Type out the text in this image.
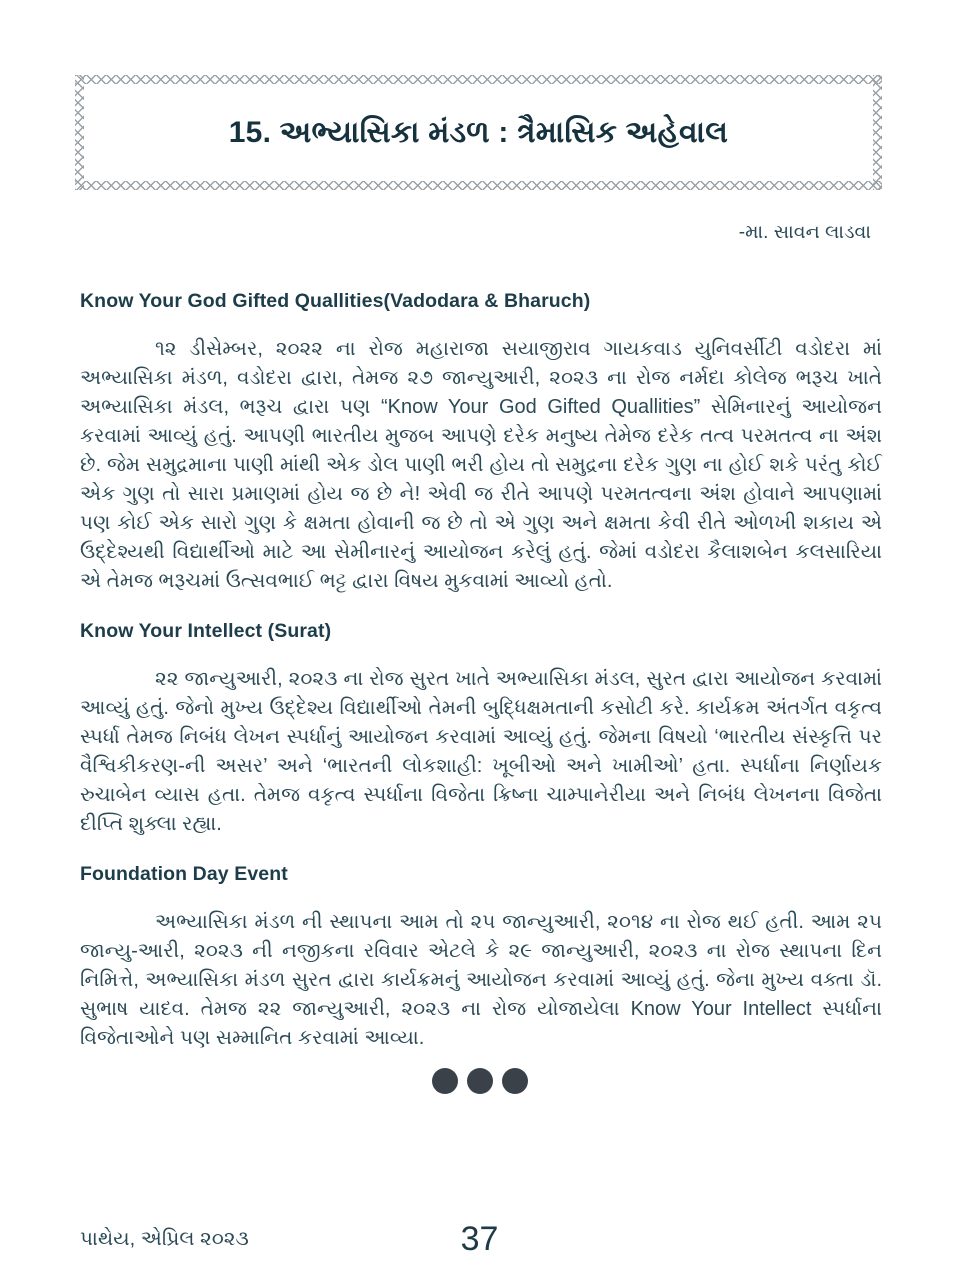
15. અભ્યાસિકા મંડળ : ત્રૈમાસિક અહેવાલ
-મા. સાવન લાડવા
Know Your God Gifted Quallities(Vadodara & Bharuch)

૧૨ ડીસેમ્બર, ૨૦૨૨ ના રોજ મહારાજા સયાજીરાવ ગાયકવાડ યુનિવર્સીટી વડોદરા માં અભ્યાસિકા મંડળ, વડોદરા દ્વારા, તેમજ ૨૭ જાન્યુઆરી, ૨૦૨૩ ના રોજ નર્મદા કોલેજ ભરૂચ ખાતે અભ્યાસિકા મંડલ, ભરૂચ દ્વારા પણ “Know Your God Gifted Quallities” સેમિનારનું આયોજન કરવામાં આવ્યું હતું. આપણી ભારતીય મુજબ આપણે દરેક મનુષ્ય તેમેજ દરેક તત્વ પરમતત્વ ના અંશ છે. જેમ સમુદ્રમાના પાણી માંથી એક ડોલ પાણી ભરી હોય તો સમુદ્રના દરેક ગુણ ના હોઈ શકે પરંતુ કોઈ એક ગુણ તો સારા પ્રમાણમાં હોય જ છે ને! એવી જ રીતે આપણે પરમતત્વના અંશ હોવાને આપણામાં પણ કોઈ એક સારો ગુણ કે ક્ષમતા હોવાની જ છે તો એ ગુણ અને ક્ષમતા કેવી રીતે ઓળખી શકાય એ ઉદ્દેશ્યથી વિદ્યાર્થીઓ માટે આ સેમીનારનું આયોજન કરેલું હતું. જેમાં વડોદરા કૈલાશબેન કલસારિયા એ તેમજ ભરૂચમાં ઉત્સવભાઈ ભટ્ટ દ્વારા વિષય મુકવામાં આવ્યો હતો.

Know Your Intellect (Surat)

૨૨ જાન્યુઆરી, ૨૦૨૩ ના રોજ સુરત ખાતે અભ્યાસિકા મંડલ, સુરત દ્વારા આયોજન કરવામાં આવ્યું હતું. જેનો મુખ્ય ઉદ્દેશ્ય વિદ્યાર્થીઓ તેમની બુદ્ધિક્ષમતાની કસોટી કરે. કાર્યક્રમ અંતર્ગત વકૃત્વ સ્પર્ધા તેમજ નિબંધ લેખન સ્પર્ધાનું આયોજન કરવામાં આવ્યું હતું. જેમના વિષયો ‘ભારતીય સંસ્કૃત્તિ પર વૈશ્વિકીકરણ-ની અસર’ અને ‘ભારતની લોકશાહી: ખૂબીઓ અને ખામીઓ’ હતા. સ્પર્ધાના નિર્ણાયક રુચાબેન વ્યાસ હતા. તેમજ વકૃત્વ સ્પર્ધાના વિજેતા ક્રિષ્ના ચામ્પાનેરીયા અને નિબંધ લેખનના વિજેતા દીપ્તિ શુક્લા રહ્યા.

Foundation Day Event

અભ્યાસિકા મંડળ ની સ્થાપના આમ તો ૨૫ જાન્યુઆરી, ૨૦૧૪ ના રોજ થઈ હતી. આમ ૨૫ જાન્યુ-આરી, ૨૦૨૩ ની નજીકના રવિવાર એટલે કે ૨૯ જાન્યુઆરી, ૨૦૨૩ ના રોજ સ્થાપના દિન નિમિત્તે, અભ્યાસિકા મંડળ સુરત દ્વારા કાર્યક્રમનું આયોજન કરવામાં આવ્યું હતું. જેના મુખ્ય વક્તા ડૉ. સુભાષ યાદવ. તેમજ ૨૨ જાન્યુઆરી, ૨૦૨૩ ના રોજ યોજાયેલા Know Your Intellect સ્પર્ધાના વિજેતાઓને પણ સમ્માનિત કરવામાં આવ્યા.

પાથેય, એપ્રિલ ૨૦૨૩	37
